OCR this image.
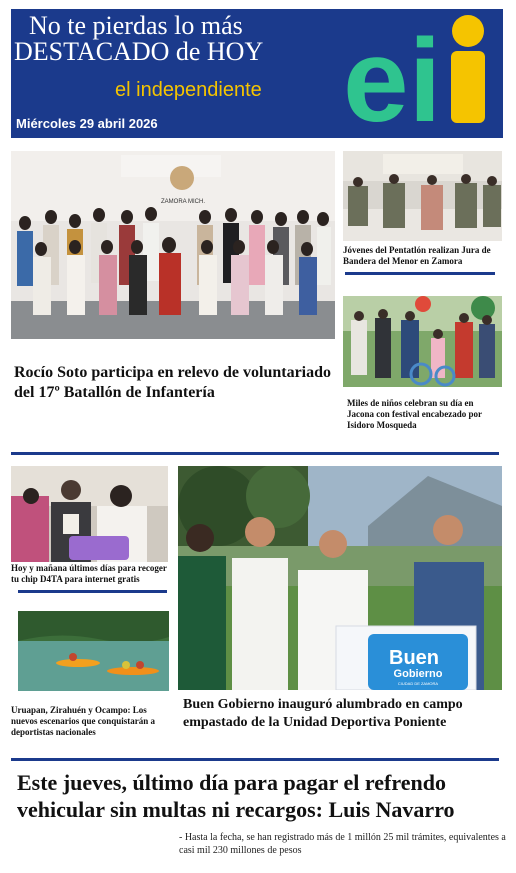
No te pierdas lo más
DESTACADO de HOY
el independiente
Miércoles 29 abril 2026 ei
ZAMORA MICH.
Rocío Soto participa en relevo de voluntariado del 17º Batallón de Infantería
Jóvenes del Pentatlón realizan Jura de Bandera del Menor en Zamora
Miles de niños celebran su día en Jacona con festival encabezado por Isidoro Mosqueda
Hoy y mañana últimos días para recoger tu chip D4TA para internet gratis
Uruapan, Zirahuén y Ocampo: Los nuevos escenarios que conquistarán a deportistas nacionales
Buen
Gobierno
CIUDAD DE ZAMORA
Buen Gobierno inauguró alumbrado en campo empastado de la Unidad Deportiva Poniente
Este jueves, último día para pagar el refrendo vehicular sin multas ni recargos: Luis Navarro
- Hasta la fecha, se han registrado más de 1 millón 25 mil trámites, equivalentes a casi mil 230 millones de pesos
